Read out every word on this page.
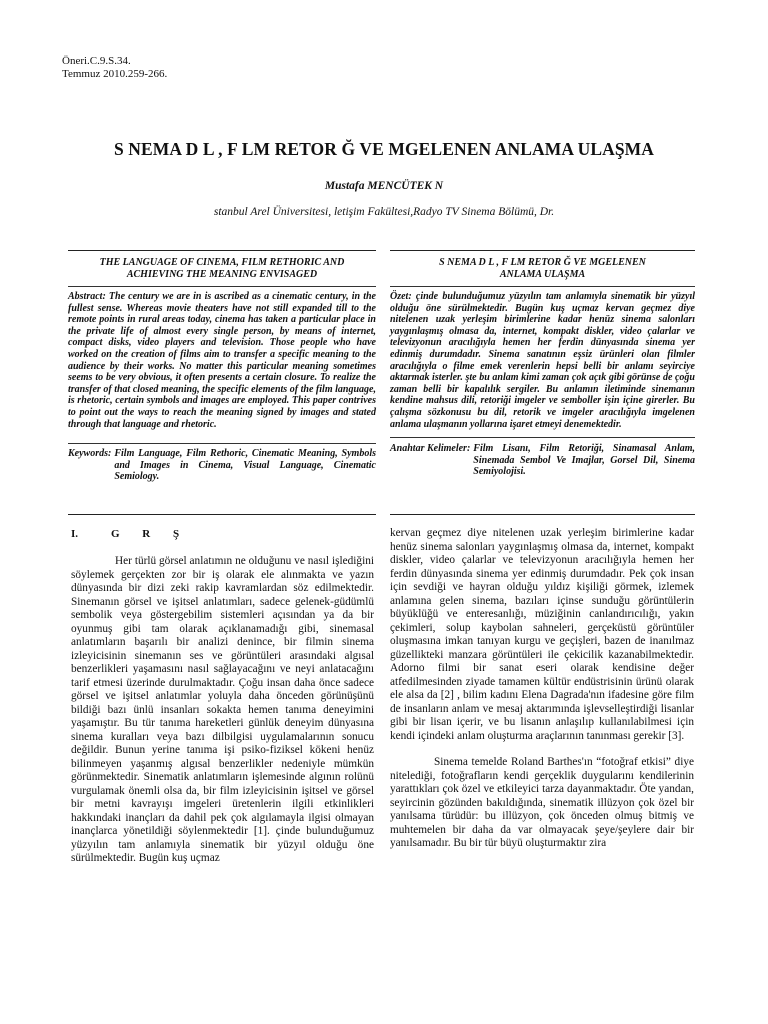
Öneri.C.9.S.34.
Temmuz 2010.259-266.
S NEMA D L , F LM RETOR Ğ VE MGELENEN ANLAMA ULAŞMA
Mustafa MENCÜTEK N
stanbul Arel Üniversitesi, letişim Fakültesi,Radyo TV Sinema Bölümü, Dr.
THE LANGUAGE OF CINEMA, FILM RETHORIC AND
ACHIEVING THE MEANING ENVISAGED

Abstract: The century we are in is ascribed as a cinematic century, in the fullest sense. Whereas movie theaters have not still expanded till to the remote points in rural areas today, cinema has taken a particular place in the private life of almost every single person, by means of internet, compact disks, video players and television. Those people who have worked on the creation of films aim to transfer a specific meaning to the audience by their works. No matter this particular meaning sometimes seems to be very obvious, it often presents a certain closure. To realize the transfer of that closed meaning, the specific elements of the film language, is rhetoric, certain symbols and images are employed. This paper contrives to point out the ways to reach the meaning signed by images and stated through that language and rhetoric.

Keywords: Film Language, Film Rethoric, Cinematic Meaning, Symbols and Images in Cinema, Visual Language, Cinematic Semiology.
S NEMA D L , F LM RETOR Ğ VE MGELENEN
ANLAMA ULAŞMA

Özet: çinde bulunduğumuz yüzyılın tam anlamıyla sinematik bir yüzyıl olduğu öne sürülmektedir. Bugün kuş uçmaz kervan geçmez diye nitelenen uzak yerleşim birimlerine kadar henüz sinema salonları yaygınlaşmış olmasa da, internet, kompakt diskler, video çalarlar ve televizyonun aracılığıyla hemen her ferdin dünyasında sinema yer edinmiş durumdadır. Sinema sanatının eşsiz ürünleri olan filmler aracılığıyla o filme emek verenlerin hepsi belli bir anlamı seyirciye aktarmak isterler. şte bu anlam kimi zaman çok açık gibi görünse de çoğu zaman belli bir kapalılık sergiler. Bu anlamın iletiminde sinemanın kendine mahsus dili, retoriği imgeler ve semboller işin içine girerler. Bu çalışma sözkonusu bu dil, retorik ve imgeler aracılığıyla imgelenen anlama ulaşmanın yollarına işaret etmeyi denemektedir.

Anahtar Kelimeler: Film Lisanı, Film Retoriği, Sinamasal Anlam, Sinemada Sembol Ve Imajlar, Gorsel Dil, Sinema Semiyolojisi.
I.	G R Ş

Her türlü görsel anlatımın ne olduğunu ve nasıl işlediğini söylemek gerçekten zor bir iş olarak ele alınmakta ve yazın dünyasında bir dizi zeki rakip kavramlardan söz edilmektedir. Sinemanın görsel ve işitsel anlatımları, sadece gelenek-güdümlü sembolik veya göstergebilim sistemleri açısından ya da bir oyunmuş gibi tam olarak açıklanamadığı gibi, sinemasal anlatımların başarılı bir analizi denince, bir filmin sinema izleyicisinin sinemanın ses ve görüntüleri arasındaki algısal benzerlikleri yaşamasını nasıl sağlayacağını ve neyi anlatacağını tarif etmesi üzerinde durulmaktadır. Çoğu insan daha önce sadece görsel ve işitsel anlatımlar yoluyla daha önceden görünüşünü bildiği bazı ünlü insanları sokakta hemen tanıma deneyimini yaşamıştır. Bu tür tanıma hareketleri günlük deneyim dünyasına sinema kuralları veya bazı dilbilgisi uygulamalarının sonucu değildir. Bunun yerine tanıma işi psiko-fiziksel kökeni henüz bilinmeyen yaşanmış algısal benzerlikler nedeniyle mümkün görünmektedir. Sinematik anlatımların işlemesinde algının rolünü vurgulamak önemli olsa da, bir film izleyicisinin işitsel ve görsel bir metni kavrayışı imgeleri üretenlerin ilgili etkinlikleri hakkındaki inançları da dahil pek çok algılamayla ilgisi olmayan inançlarca yönetildiği söylenmektedir [1]. çinde bulunduğumuz yüzyılın tam anlamıyla sinematik bir yüzyıl olduğu öne sürülmektedir. Bugün kuş uçmaz

kervan geçmez diye nitelenen uzak yerleşim birimlerine kadar henüz sinema salonları yaygınlaşmış olmasa da, internet, kompakt diskler, video çalarlar ve televizyonun aracılığıyla hemen her ferdin dünyasında sinema yer edinmiş durumdadır. Pek çok insan için sevdiği ve hayran olduğu yıldız kişiliği görmek, izlemek anlamına gelen sinema, bazıları içinse sunduğu görüntülerin büyüklüğü ve enteresanlığı, müziğinin canlandırıcılığı, yakın çekimleri, solup kaybolan sahneleri, gerçeküstü görüntüler oluşmasına imkan tanıyan kurgu ve geçişleri, bazen de inanılmaz güzellikteki manzara görüntüleri ile çekicilik kazanabilmektedir. Adorno filmi bir sanat eseri olarak kendisine değer atfedilmesinden ziyade tamamen kültür endüstrisinin ürünü olarak ele alsa da [2] , bilim kadını Elena Dagrada'nın ifadesine göre film de insanların anlam ve mesaj aktarımında işlevselleştirdiği lisanlar gibi bir lisan içerir, ve bu lisanın anlaşılıp kullanılabilmesi için kendi içindeki anlam oluşturma araçlarının tanınması gerekir [3].

Sinema temelde Roland Barthes'ın “fotoğraf etkisi” diye nitelediği, fotoğrafların kendi gerçeklik duygularını kendilerinin yarattıkları çok özel ve etkileyici tarza dayanmaktadır. Öte yandan, seyircinin gözünden bakıldığında, sinematik illüzyon çok özel bir yanılsama türüdür: bu illüzyon, çok önceden olmuş bitmiş ve muhtemelen bir daha da var olmayacak şeye/şeylere dair bir yanılsamadır. Bu bir tür büyü oluşturmaktır zira
